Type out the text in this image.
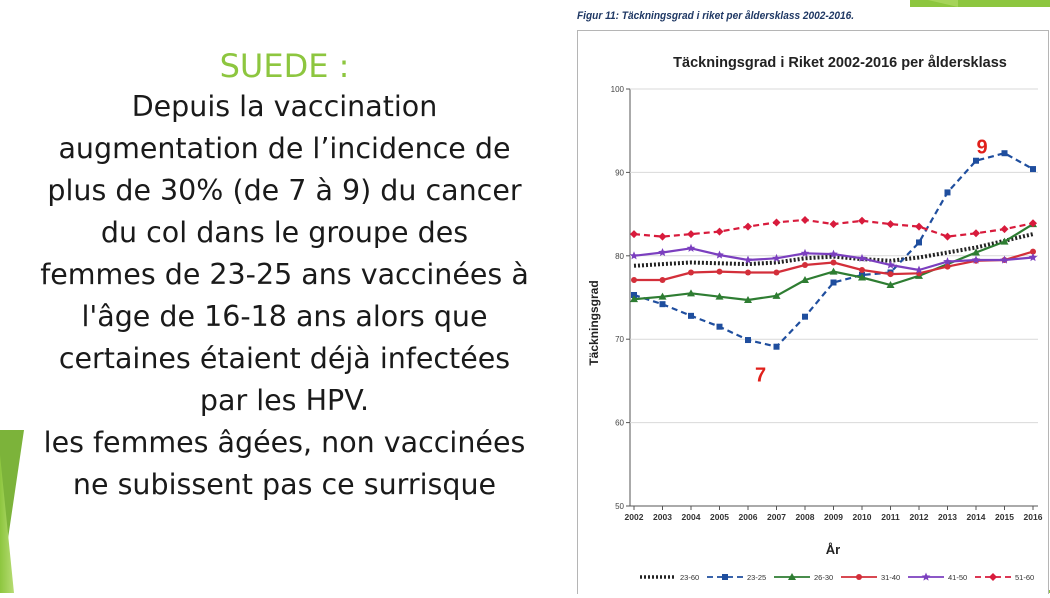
SUEDE :

Depuis la vaccination

augmentation de l’incidence de

plus de 30% (de 7 à 9) du cancer

du col dans le groupe des

femmes de 23-25 ans vaccinées à

l'âge de 16-18 ans alors que

certaines étaient déjà infectées

par les HPV.

les femmes âgées, non vaccinées

ne subissent pas ce surrisque

Figur 11: Täckningsgrad i riket per åldersklass 2002-2016.
Täckningsgrad i Riket 2002-2016 per åldersklass
Täckningsgrad
År
50
60
70
80
90
100
2002 2003 2004 2005 2006 2007 2008 2009 2010 2011 2012 2013 2014 2015 2016
7
9
23-60	23-25	26-30	31-40	41-50	51-60
